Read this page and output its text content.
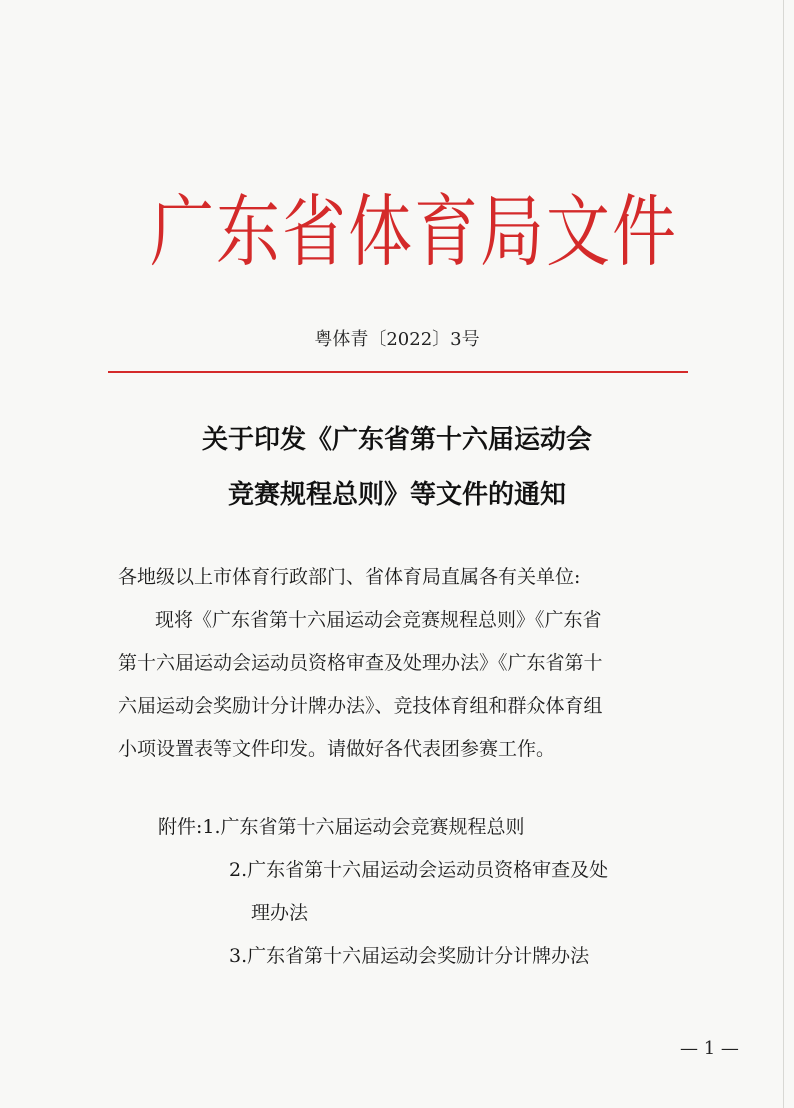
广东省体育局文件
粤体青〔2022〕3号
关于印发《广东省第十六届运动会
竞赛规程总则》等文件的通知
各地级以上市体育行政部门、省体育局直属各有关单位:
现将《广东省第十六届运动会竞赛规程总则》《广东省
第十六届运动会运动员资格审查及处理办法》《广东省第十
六届运动会奖励计分计牌办法》、竞技体育组和群众体育组
小项设置表等文件印发。请做好各代表团参赛工作。
附件:1.广东省第十六届运动会竞赛规程总则
2.广东省第十六届运动会运动员资格审查及处
理办法
3.广东省第十六届运动会奖励计分计牌办法
— 1 —
